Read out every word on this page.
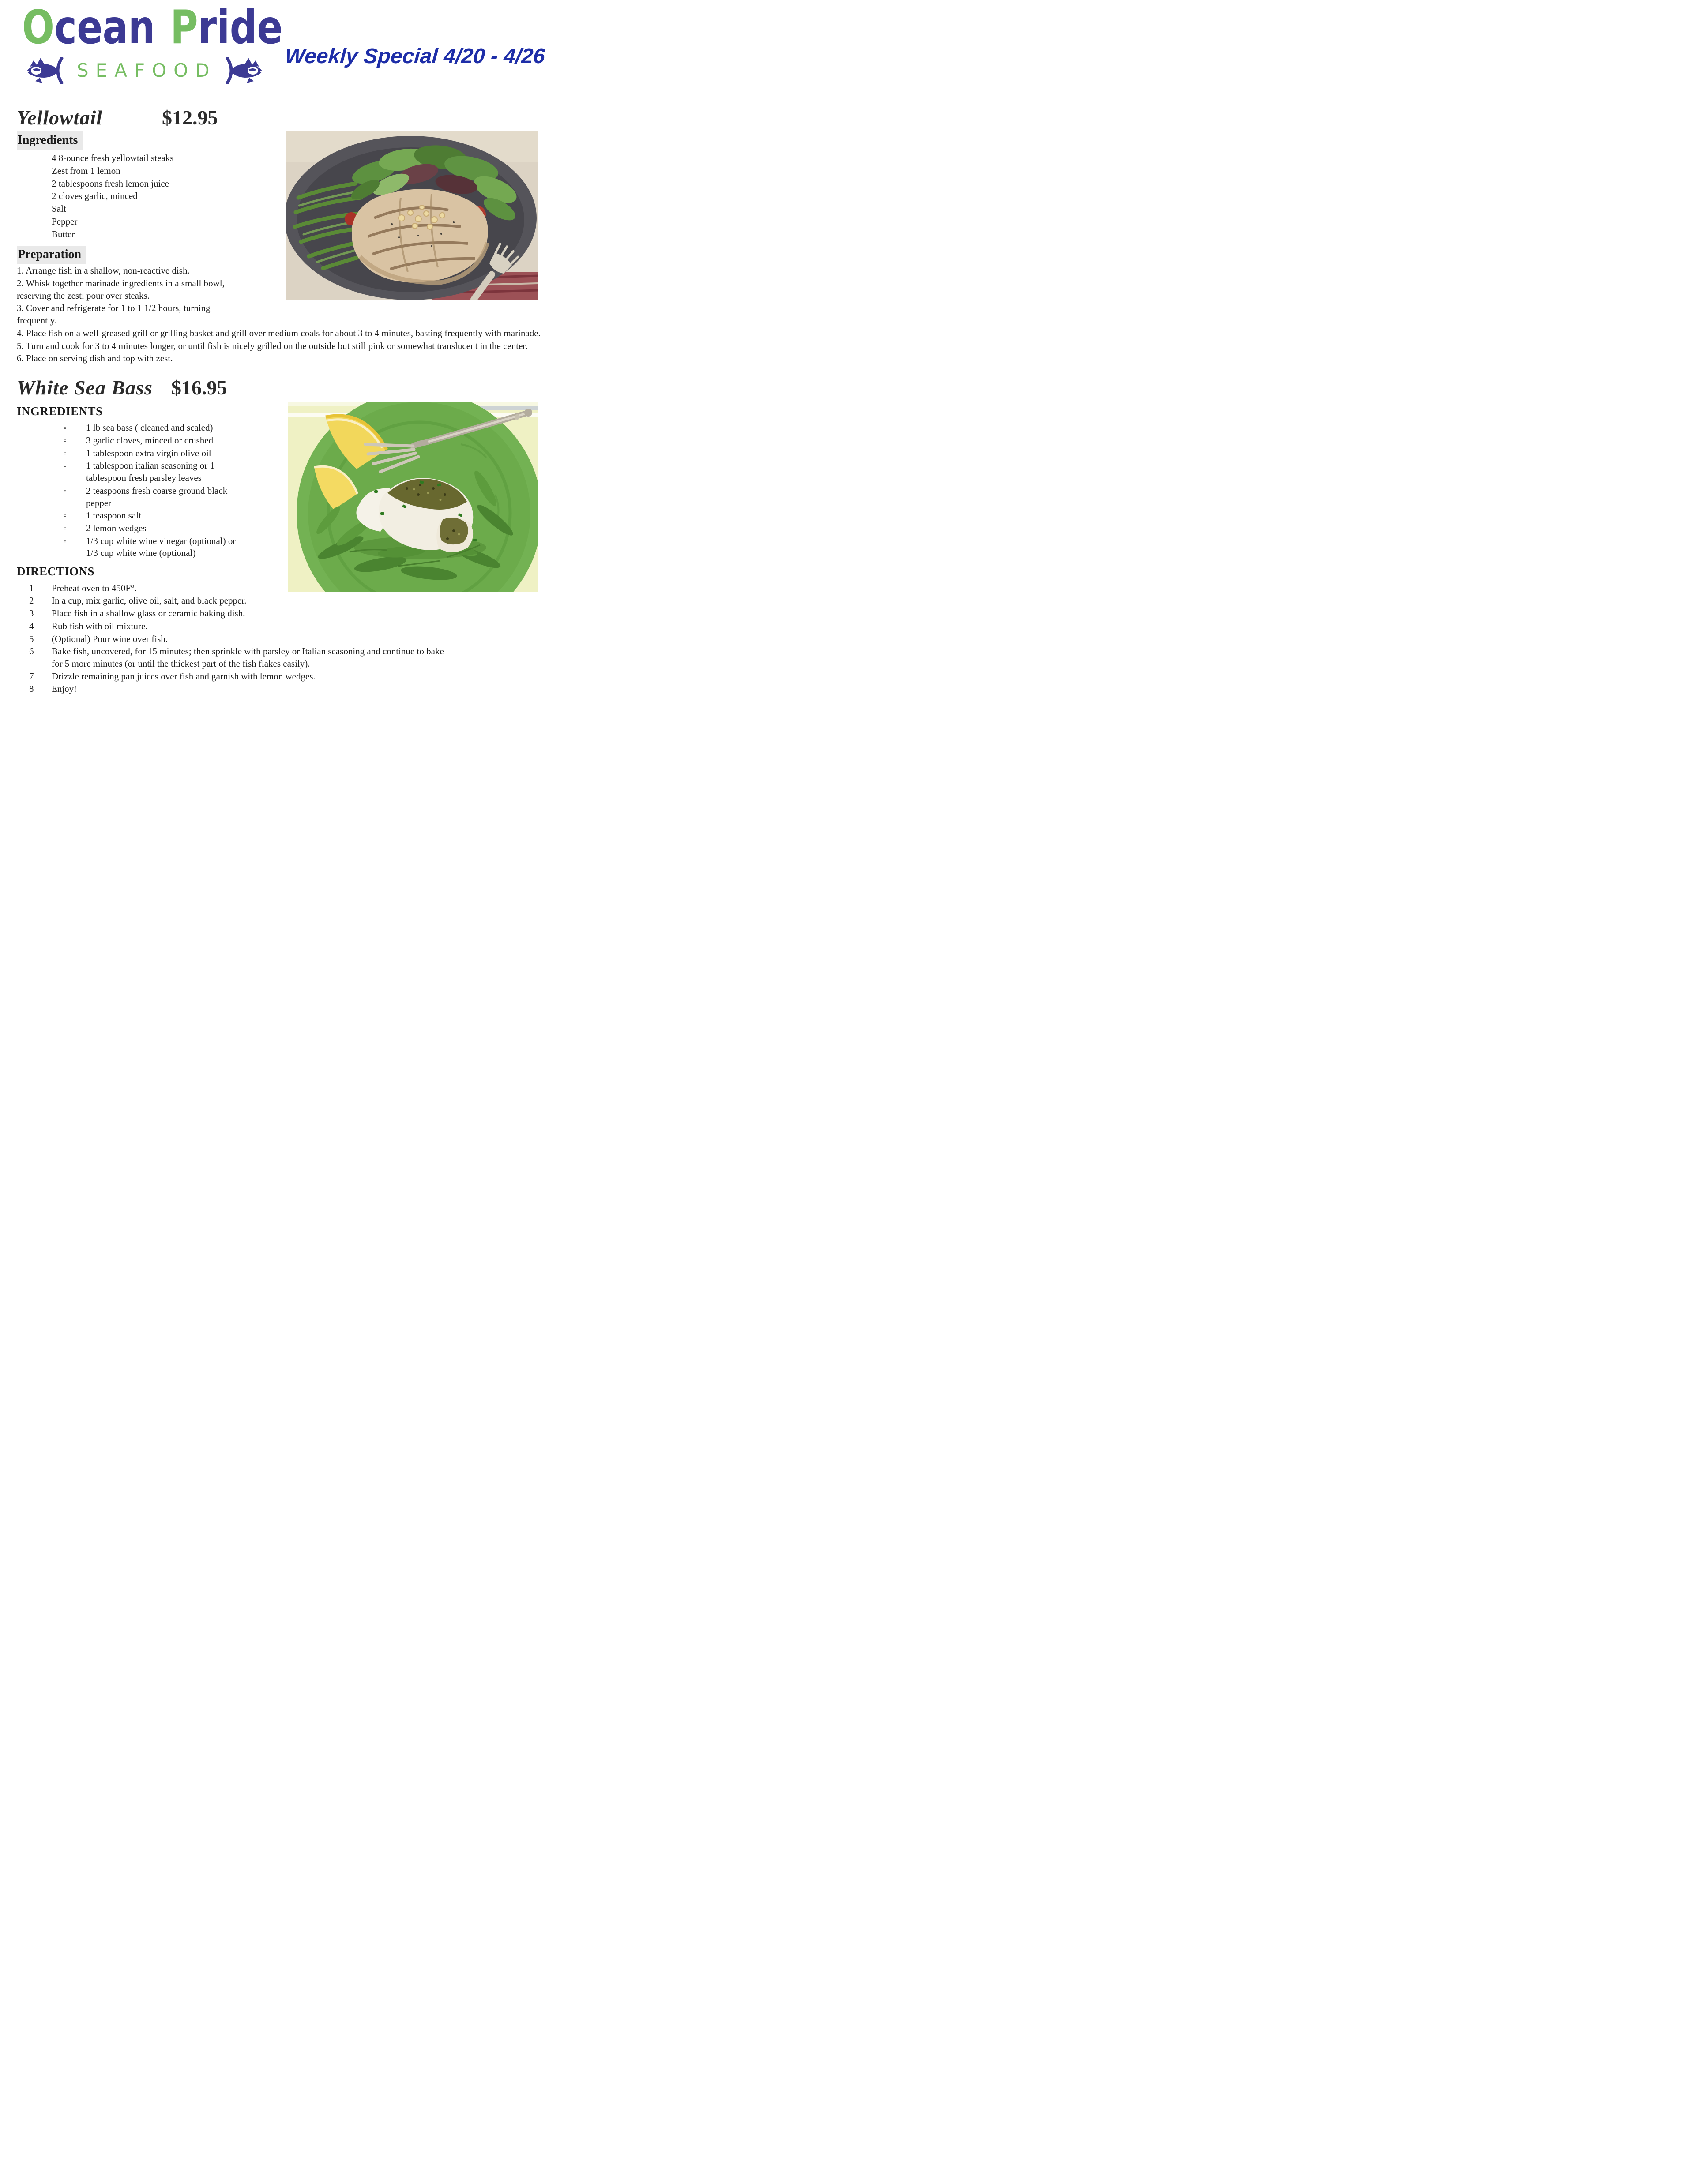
Ocean Pride
SEAFOOD
Weekly Special 4/20 - 4/26
Yellowtail	$12.95
Ingredients
4 8-ounce fresh yellowtail steaks
Zest from 1 lemon
2 tablespoons fresh lemon juice
2 cloves garlic, minced
Salt
Pepper
Butter
Preparation

1. Arrange fish in a shallow, non-reactive dish.

2. Whisk together marinade ingredients in a small bowl, reserving the zest; pour over steaks.

3. Cover and refrigerate for 1 to 1 1/2 hours, turning frequently.

4. Place fish on a well-greased grill or grilling basket and grill over medium coals for about 3 to 4 minutes, basting frequently with marinade.

5. Turn and cook for 3 to 4 minutes longer, or until fish is nicely grilled on the outside but still pink or somewhat translucent in the center.

6. Place on serving dish and top with zest.

White Sea Bass $16.95
INGREDIENTS
◦ 1 lb sea bass ( cleaned and scaled)
◦ 3 garlic cloves, minced or crushed
◦ 1 tablespoon extra virgin olive oil
◦ 1 tablespoon italian seasoning or 1 tablespoon fresh parsley leaves
◦ 2 teaspoons fresh coarse ground black pepper
◦ 1 teaspoon salt
◦ 2 lemon wedges
◦ 1/3 cup white wine vinegar (optional) or 1/3 cup white wine (optional)
DIRECTIONS
1 Preheat oven to 450F°.
2 In a cup, mix garlic, olive oil, salt, and black pepper.
3 Place fish in a shallow glass or ceramic baking dish.
4 Rub fish with oil mixture.
5 (Optional) Pour wine over fish.
6 Bake fish, uncovered, for 15 minutes; then sprinkle with parsley or Italian seasoning and continue to bake for 5 more minutes (or until the thickest part of the fish flakes easily).
7 Drizzle remaining pan juices over fish and garnish with lemon wedges.
8 Enjoy!
